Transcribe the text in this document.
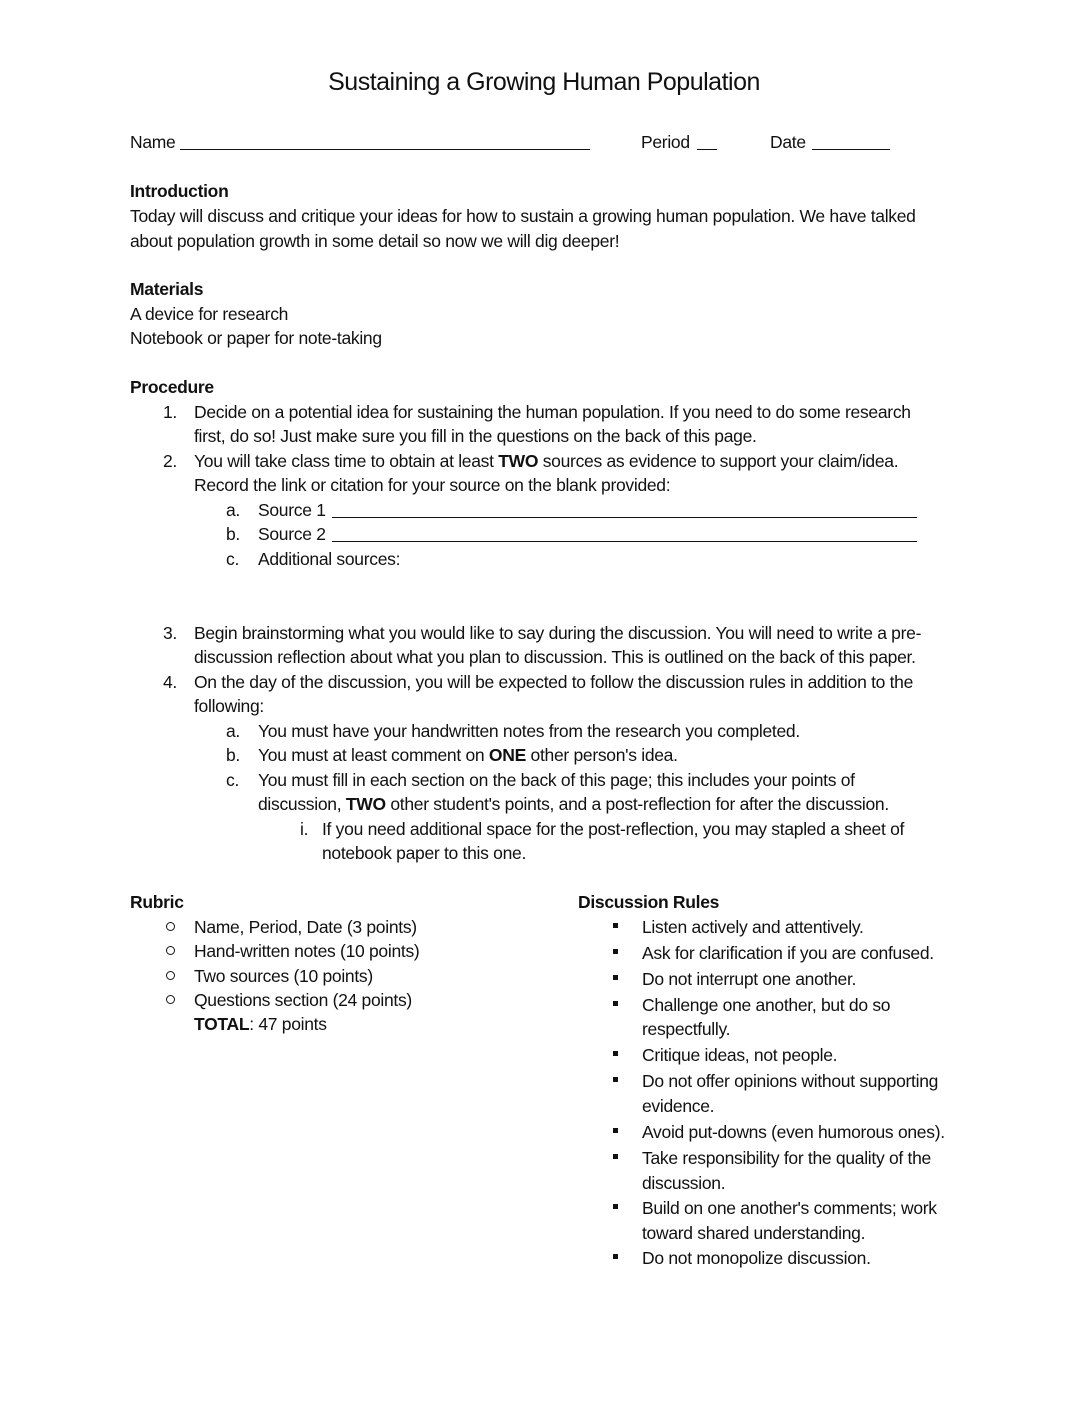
Sustaining a Growing Human Population
Name	Period	Date
Introduction
Today will discuss and critique your ideas for how to sustain a growing human population. We have talked
about population growth in some detail so now we will dig deeper!
Materials
A device for research
Notebook or paper for note-taking
Procedure
1. Decide on a potential idea for sustaining the human population. If you need to do some research
first, do so! Just make sure you fill in the questions on the back of this page.
2. You will take class time to obtain at least TWO sources as evidence to support your claim/idea.
Record the link or citation for your source on the blank provided:
a. Source 1
b. Source 2
c. Additional sources:
3. Begin brainstorming what you would like to say during the discussion. You will need to write a pre-
discussion reflection about what you plan to discussion. This is outlined on the back of this paper.
4. On the day of the discussion, you will be expected to follow the discussion rules in addition to the
following:
a. You must have your handwritten notes from the research you completed.
b. You must at least comment on ONE other person's idea.
c. You must fill in each section on the back of this page; this includes your points of
discussion, TWO other student's points, and a post-reflection for after the discussion.
i. If you need additional space for the post-reflection, you may stapled a sheet of
notebook paper to this one.
Rubric
Name, Period, Date (3 points)
Hand-written notes (10 points)
Two sources (10 points)
Questions section (24 points)
TOTAL: 47 points
Discussion Rules
Listen actively and attentively.
Ask for clarification if you are confused.
Do not interrupt one another.
Challenge one another, but do so
respectfully.
Critique ideas, not people.
Do not offer opinions without supporting
evidence.
Avoid put-downs (even humorous ones).
Take responsibility for the quality of the
discussion.
Build on one another's comments; work
toward shared understanding.
Do not monopolize discussion.
